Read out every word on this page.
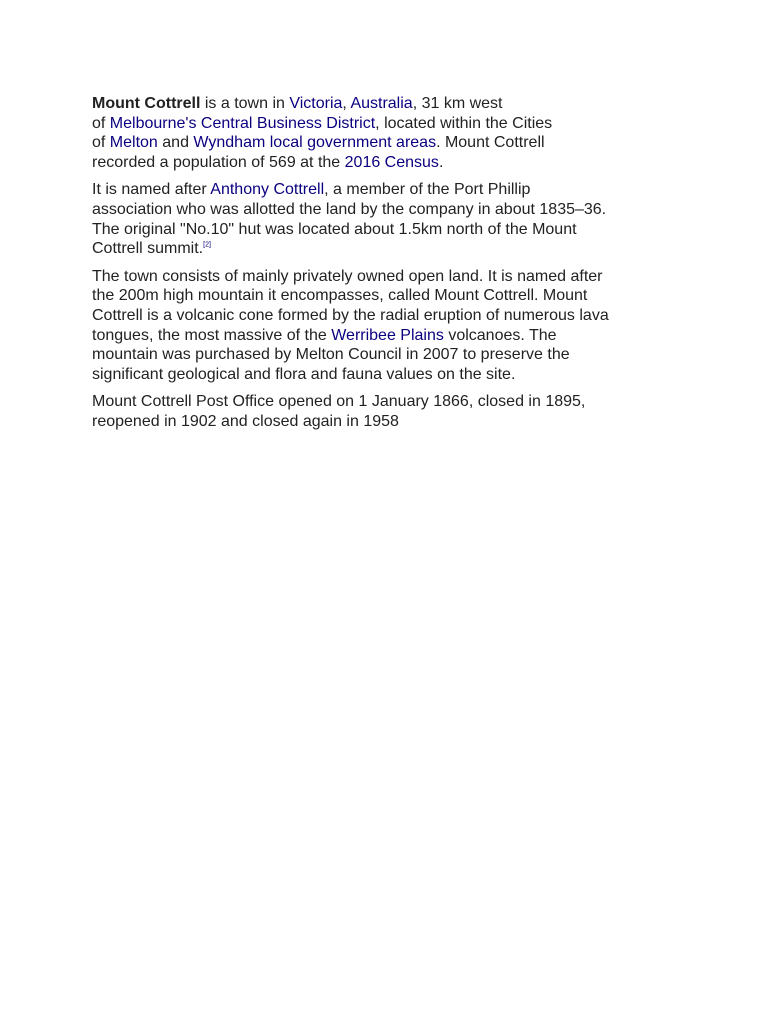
Mount Cottrell is a town in Victoria, Australia, 31 km west
of Melbourne's Central Business District, located within the Cities
of Melton and Wyndham local government areas. Mount Cottrell
recorded a population of 569 at the 2016 Census.

It is named after Anthony Cottrell, a member of the Port Phillip
association who was allotted the land by the company in about 1835–36.
The original "No.10" hut was located about 1.5km north of the Mount
Cottrell summit.[2]

The town consists of mainly privately owned open land. It is named after
the 200m high mountain it encompasses, called Mount Cottrell. Mount
Cottrell is a volcanic cone formed by the radial eruption of numerous lava
tongues, the most massive of the Werribee Plains volcanoes. The
mountain was purchased by Melton Council in 2007 to preserve the
significant geological and flora and fauna values on the site.

Mount Cottrell Post Office opened on 1 January 1866, closed in 1895,
reopened in 1902 and closed again in 1958
